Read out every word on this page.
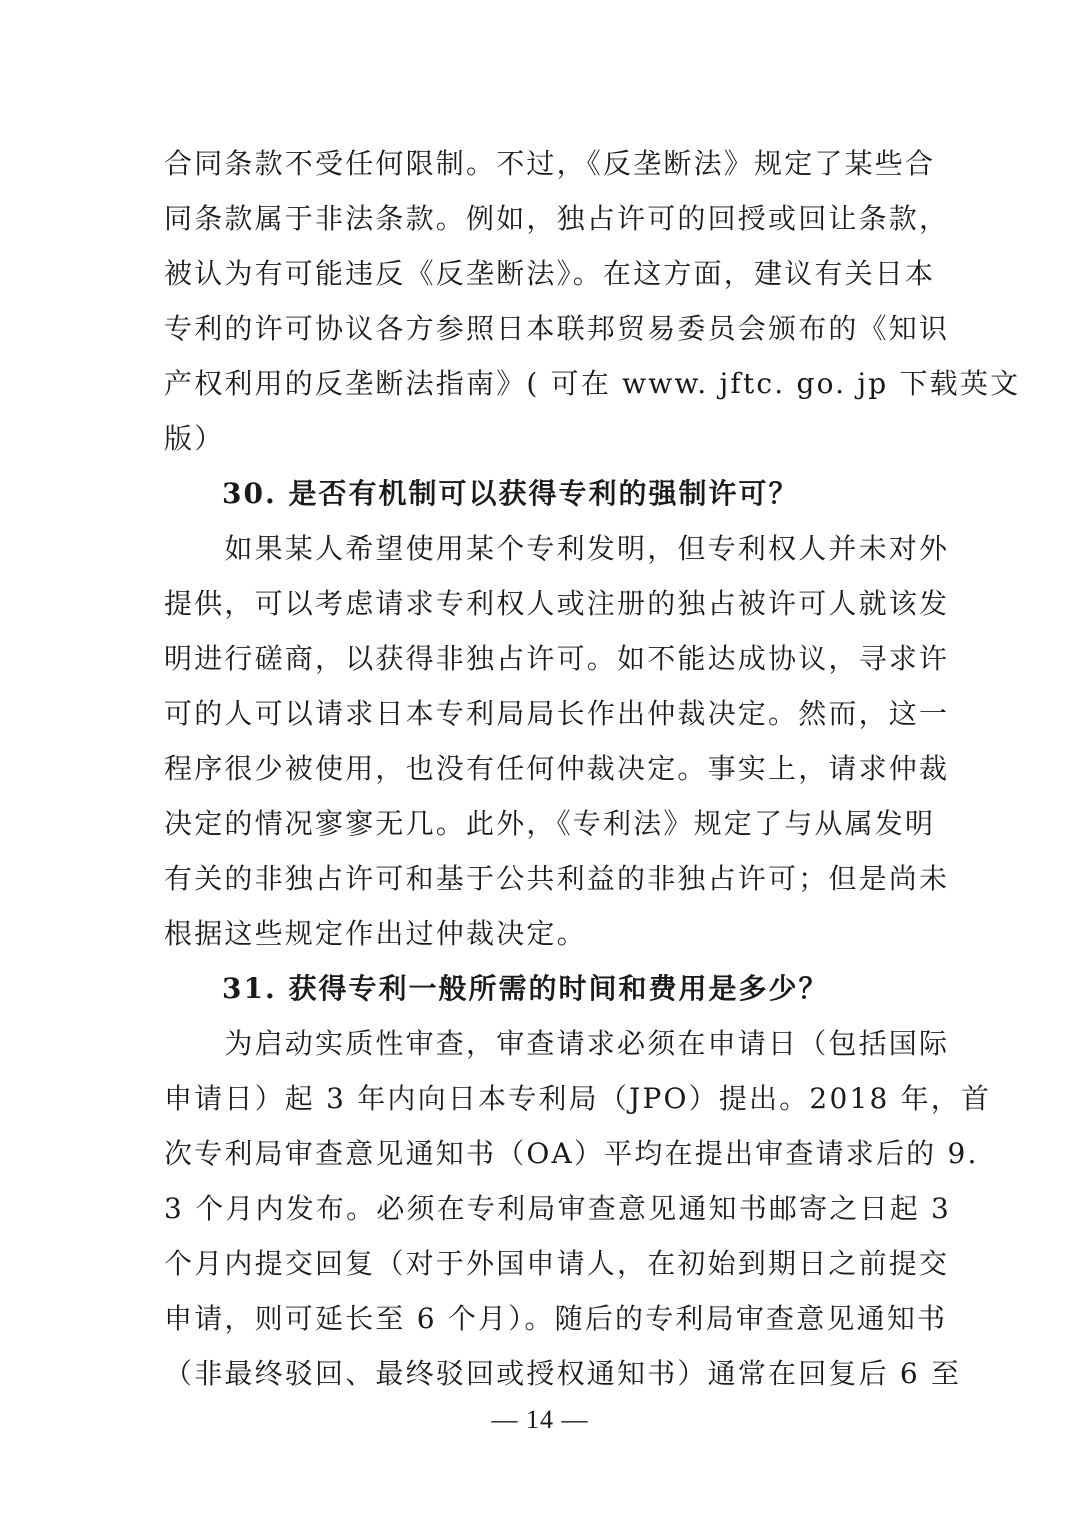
合同条款不受任何限制。不过，《反垄断法》规定了某些合
同条款属于非法条款。例如，独占许可的回授或回让条款，
被认为有可能违反《反垄断法》。在这方面，建议有关日本
专利的许可协议各方参照日本联邦贸易委员会颁布的《知识
产权利用的反垄断法指南》( 可在 www. jftc. go. jp 下载英文
版）
30. 是否有机制可以获得专利的强制许可？
　　如果某人希望使用某个专利发明，但专利权人并未对外
提供，可以考虑请求专利权人或注册的独占被许可人就该发
明进行磋商，以获得非独占许可。如不能达成协议，寻求许
可的人可以请求日本专利局局长作出仲裁决定。然而，这一
程序很少被使用，也没有任何仲裁决定。事实上，请求仲裁
决定的情况寥寥无几。此外，《专利法》规定了与从属发明
有关的非独占许可和基于公共利益的非独占许可；但是尚未
根据这些规定作出过仲裁决定。
31. 获得专利一般所需的时间和费用是多少？
　　为启动实质性审查，审查请求必须在申请日（包括国际
申请日）起 3 年内向日本专利局（JPO）提出。2018 年，首
次专利局审查意见通知书（OA）平均在提出审查请求后的 9.
3 个月内发布。必须在专利局审查意见通知书邮寄之日起 3
个月内提交回复（对于外国申请人，在初始到期日之前提交
申请，则可延长至 6 个月）。随后的专利局审查意见通知书
（非最终驳回、最终驳回或授权通知书）通常在回复后 6 至
— 14 —
